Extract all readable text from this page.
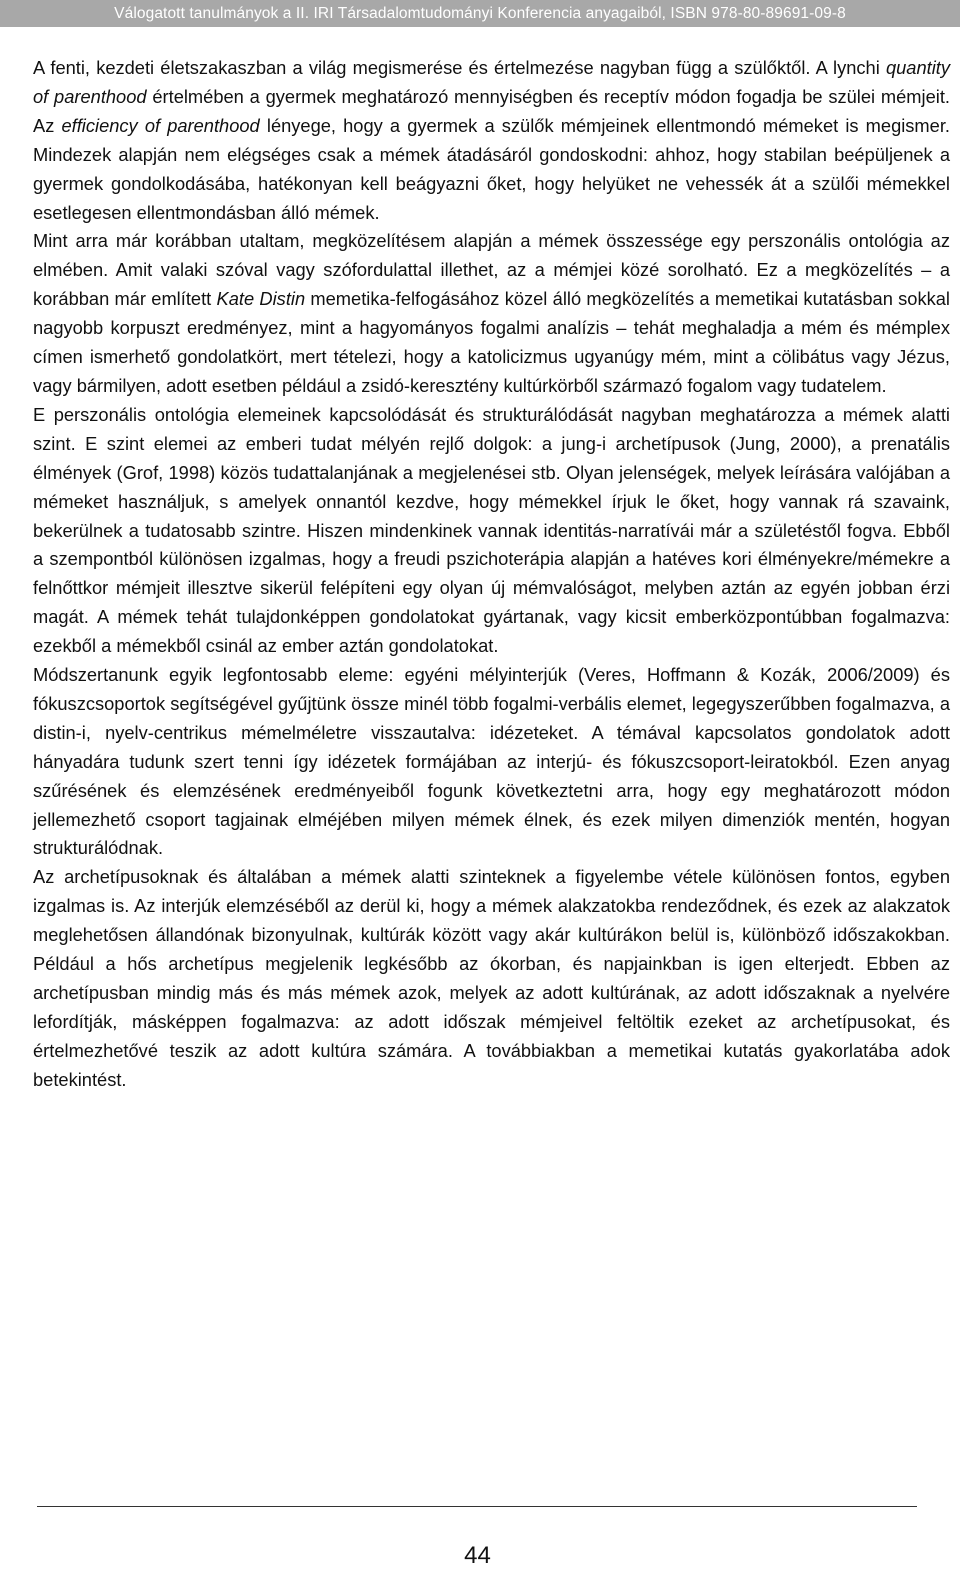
Válogatott tanulmányok a II. IRI Társadalomtudományi Konferencia anyagaiból, ISBN 978-80-89691-09-8

A fenti, kezdeti életszakaszban a világ megismerése és értelmezése nagyban függ a szülőktől. A lynchi quantity of parenthood értelmében a gyermek meghatározó mennyiségben és receptív módon fogadja be szülei mémjeit. Az efficiency of parenthood lényege, hogy a gyermek a szülők mémjeinek ellentmondó mémeket is megismer. Mindezek alapján nem elégséges csak a mémek átadásáról gondoskodni: ahhoz, hogy stabilan beépüljenek a gyermek gondolkodásába, hatékonyan kell beágyazni őket, hogy helyüket ne vehessék át a szülői mémekkel esetlegesen ellentmondásban álló mémek.

Mint arra már korábban utaltam, megközelítésem alapján a mémek összessége egy perszonális ontológia az elmében. Amit valaki szóval vagy szófordulattal illethet, az a mémjei közé sorolható. Ez a megközelítés – a korábban már említett Kate Distin memetika-felfogásához közel álló megközelítés a memetikai kutatásban sokkal nagyobb korpuszt eredményez, mint a hagyományos fogalmi analízis – tehát meghaladja a mém és mémplex címen ismerhető gondolatkört, mert tételezi, hogy a katolicizmus ugyanúgy mém, mint a cölibátus vagy Jézus, vagy bármilyen, adott esetben például a zsidó-keresztény kultúrkörből származó fogalom vagy tudatelem.

E perszonális ontológia elemeinek kapcsolódását és strukturálódását nagyban meghatározza a mémek alatti szint. E szint elemei az emberi tudat mélyén rejlő dolgok: a jung-i archetípusok (Jung, 2000), a prenatális élmények (Grof, 1998) közös tudattalanjának a megjelenései stb. Olyan jelenségek, melyek leírására valójában a mémeket használjuk, s amelyek onnantól kezdve, hogy mémekkel írjuk le őket, hogy vannak rá szavaink, bekerülnek a tudatosabb szintre. Hiszen mindenkinek vannak identitás-narratívái már a születéstől fogva. Ebből a szempontból különösen izgalmas, hogy a freudi pszichoterápia alapján a hatéves kori élményekre/mémekre a felnőttkor mémjeit illesztve sikerül felépíteni egy olyan új mémvalóságot, melyben aztán az egyén jobban érzi magát. A mémek tehát tulajdonképpen gondolatokat gyártanak, vagy kicsit emberközpontúbban fogalmazva: ezekből a mémekből csinál az ember aztán gondolatokat.

Módszertanunk egyik legfontosabb eleme: egyéni mélyinterjúk (Veres, Hoffmann & Kozák, 2006/2009) és fókuszcsoportok segítségével gyűjtünk össze minél több fogalmi-verbális elemet, legegyszerűbben fogalmazva, a distin-i, nyelv-centrikus mémelméletre visszautalva: idézeteket. A témával kapcsolatos gondolatok adott hányadára tudunk szert tenni így idézetek formájában az interjú- és fókuszcsoport-leiratokból. Ezen anyag szűrésének és elemzésének eredményeiből fogunk következtetni arra, hogy egy meghatározott módon jellemezhető csoport tagjainak elméjében milyen mémek élnek, és ezek milyen dimenziók mentén, hogyan strukturálódnak.

Az archetípusoknak és általában a mémek alatti szinteknek a figyelembe vétele különösen fontos, egyben izgalmas is. Az interjúk elemzéséből az derül ki, hogy a mémek alakzatokba rendeződnek, és ezek az alakzatok meglehetősen állandónak bizonyulnak, kultúrák között vagy akár kultúrákon belül is, különböző időszakokban. Például a hős archetípus megjelenik legkésőbb az ókorban, és napjainkban is igen elterjedt. Ebben az archetípusban mindig más és más mémek azok, melyek az adott kultúrának, az adott időszaknak a nyelvére lefordítják, másképpen fogalmazva: az adott időszak mémjeivel feltöltik ezeket az archetípusokat, és értelmezhetővé teszik az adott kultúra számára. A továbbiakban a memetikai kutatás gyakorlatába adok betekintést.

44
